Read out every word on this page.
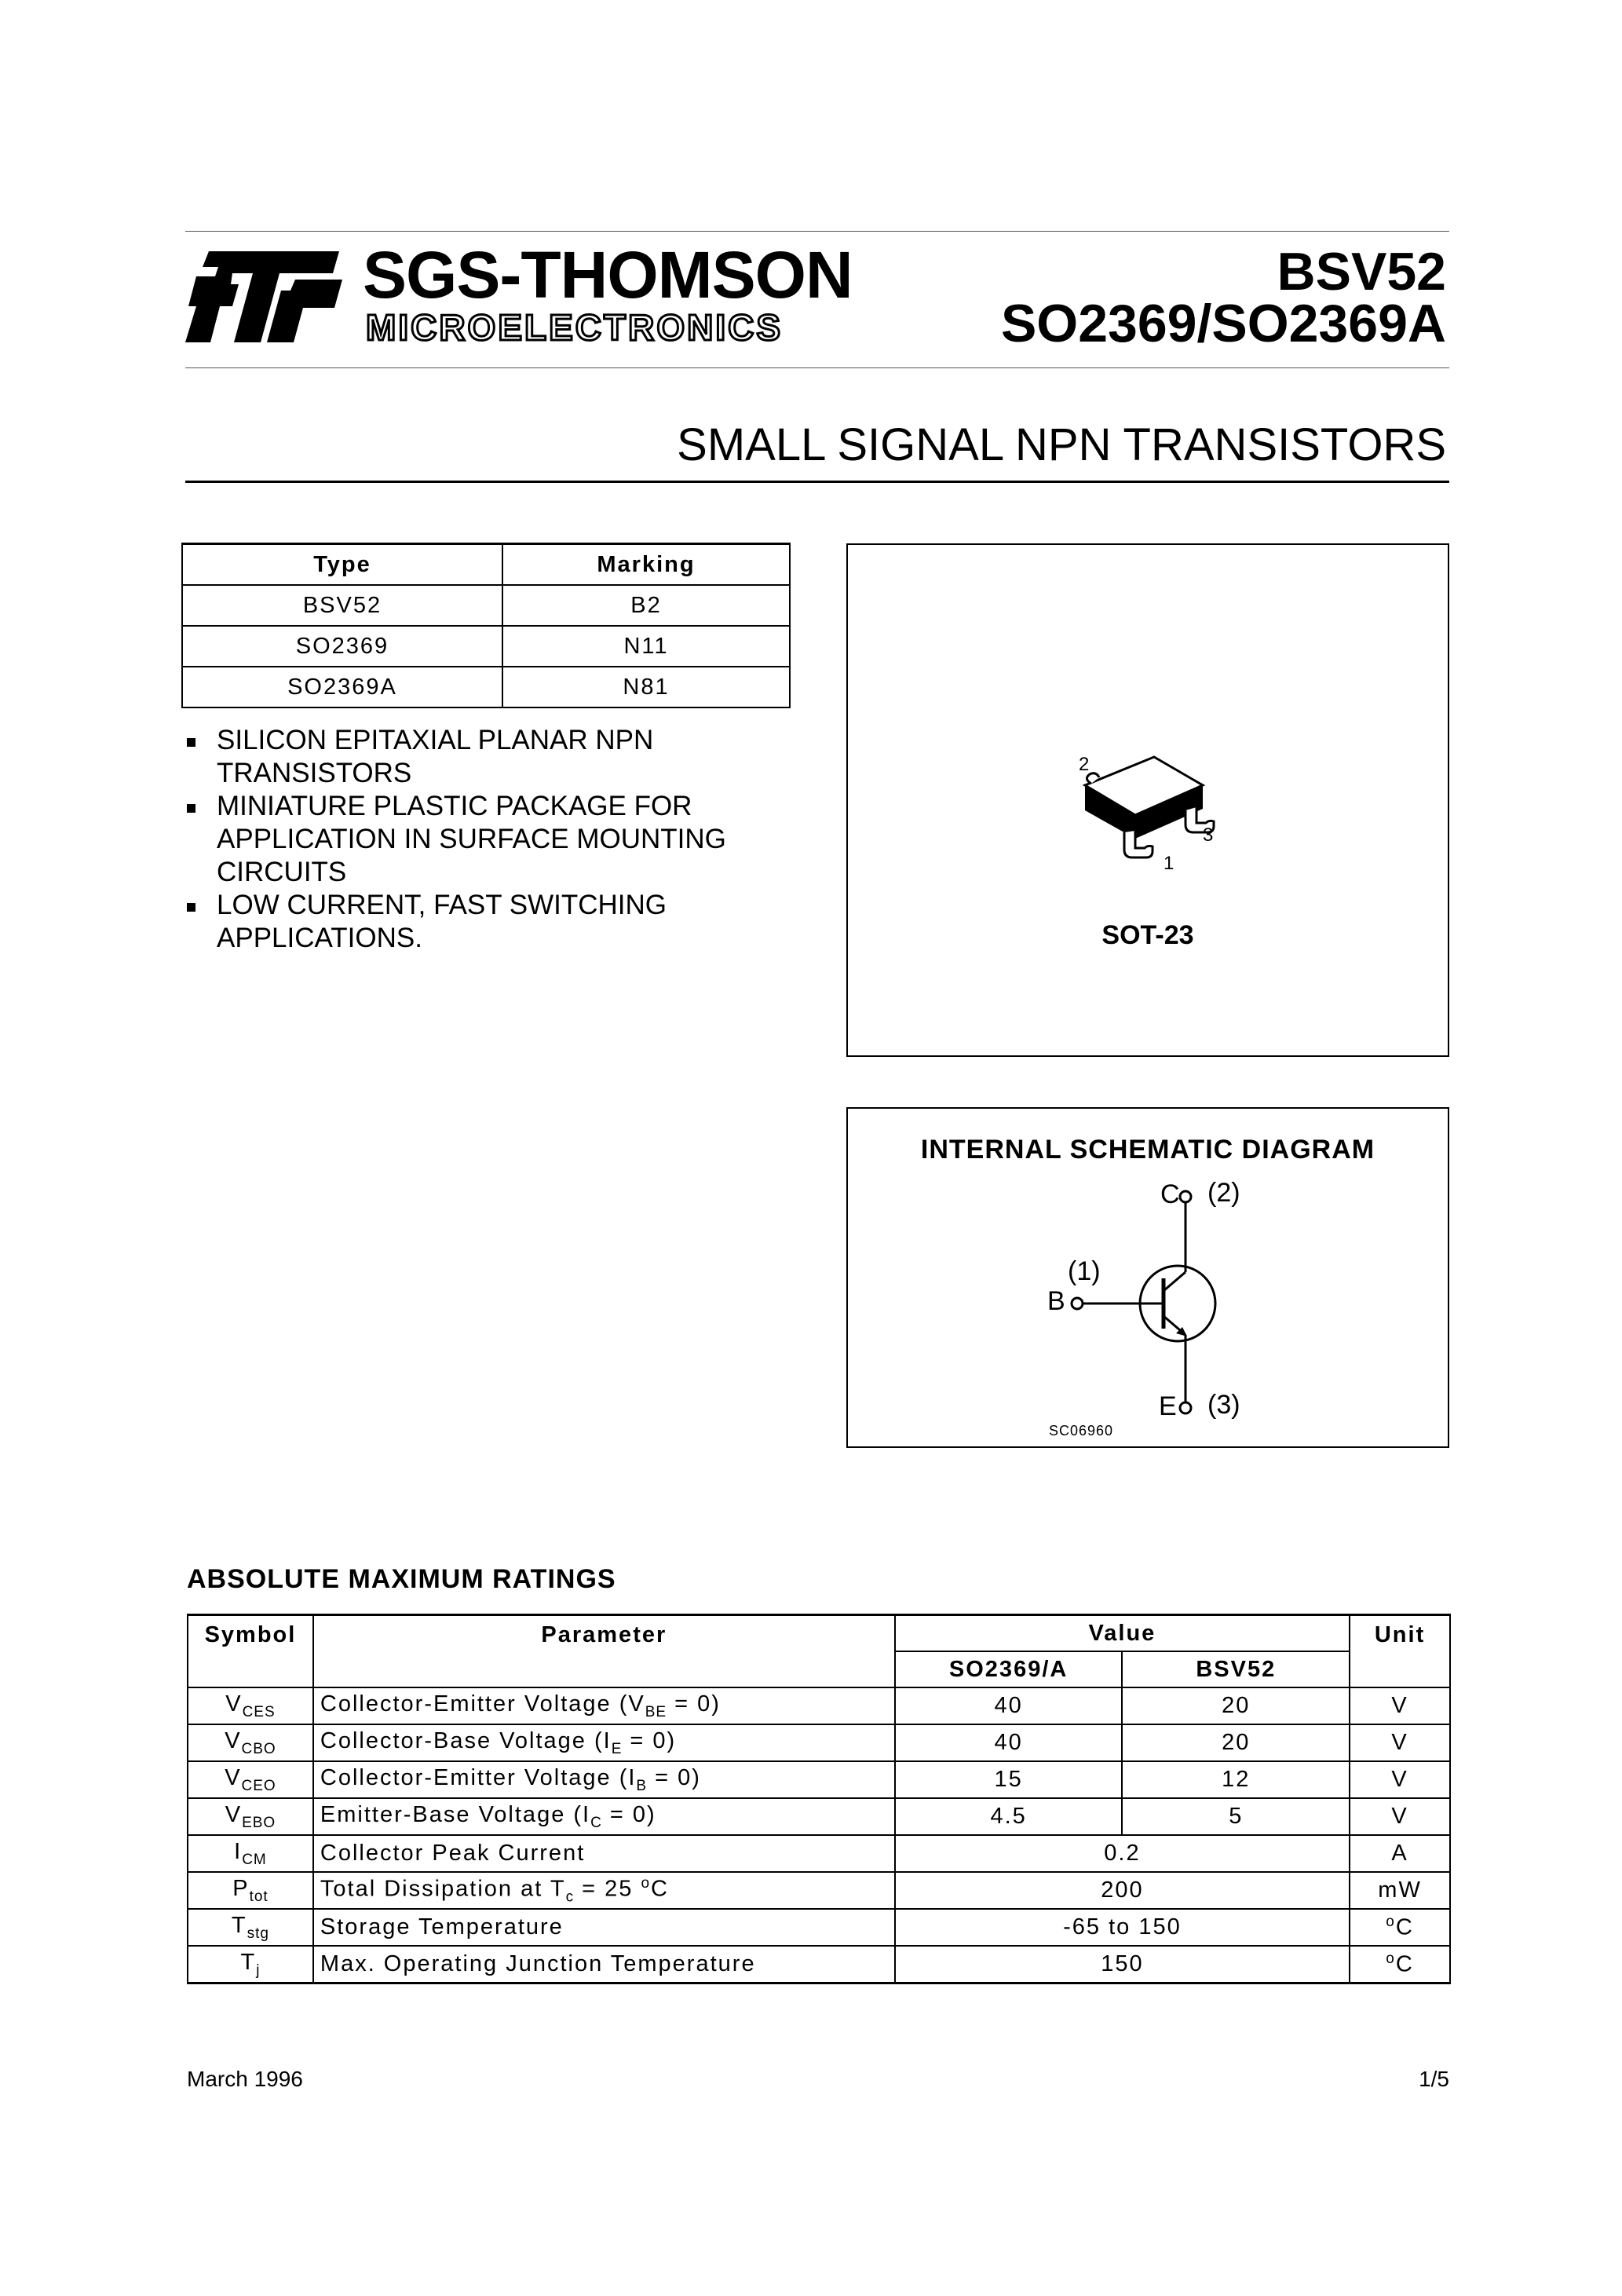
SGS-THOMSON
MICROELECTRONICS
BSV52
SO2369/SO2369A
SMALL SIGNAL NPN TRANSISTORS
Type	Marking
BSV52	B2
SO2369	N11
SO2369A	N81
SILICON EPITAXIAL PLANAR NPN TRANSISTORS
MINIATURE PLASTIC PACKAGE FOR APPLICATION IN SURFACE MOUNTING CIRCUITS
LOW CURRENT, FAST SWITCHING APPLICATIONS.
2
3
1
SOT-23
INTERNAL SCHEMATIC DIAGRAM
C (2)
(1)
B
E (3)
SC06960
ABSOLUTE MAXIMUM RATINGS
Symbol	Parameter	Value		Unit
		SO2369/A	BSV52	
$V_{CES}$	Collector-Emitter Voltage $(V_{BE} = 0)$	40	20	V
$V_{CBO}$	Collector-Base Voltage $(I_E = 0)$	40	20	V
$V_{CEO}$	Collector-Emitter Voltage $(I_B = 0)$	15	12	V
$V_{EBO}$	Emitter-Base Voltage $(I_C = 0)$	4.5	5	V
$I_{CM}$	Collector Peak Current	0.2		A
$P_{tot}$	Total Dissipation at $T_c = 25$ $^o$C	200		mW
$T_{stg}$	Storage Temperature	-65 to 150		$^o$C
$T_j$	Max. Operating Junction Temperature	150		$^o$C
March 1996	1/5
